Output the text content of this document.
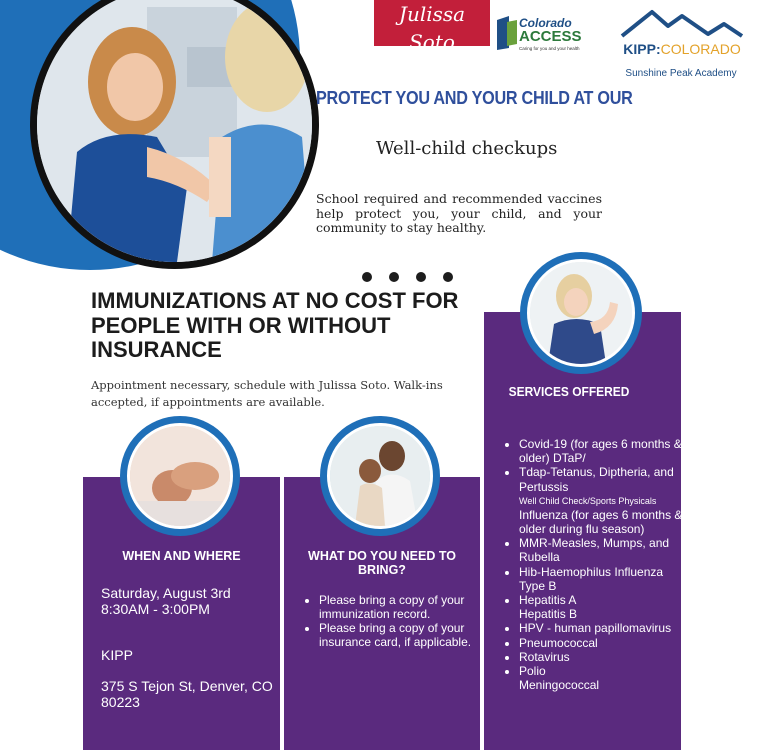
Julissa Soto
LATINO HEALTH EQUITY CONSULTING
Colorado
ACCESS
Caring for you and your health	KIPP:COLORADO
Sunshine Peak Academy
PROTECT YOU AND YOUR CHILD AT OUR
Well-child checkups
School required and recommended vaccines help protect you, your child, and your community to stay healthy.
IMMUNIZATIONS AT NO COST FOR PEOPLE WITH OR WITHOUT INSURANCE
Appointment necessary, schedule with Julissa Soto. Walk-ins accepted, if appointments are available.
WHEN AND WHERE
Saturday, August 3rd
8:30AM - 3:00PM
KIPP
375 S Tejon St, Denver, CO 80223
WHAT DO YOU NEED TO BRING?
• Please bring a copy of your immunization record.
• Please bring a copy of your insurance card, if applicable.
SERVICES OFFERED
• Covid-19 (for ages 6 months & older) DTaP/
• Tdap-Tetanus, Diptheria, and Pertussis
Well Child Check/Sports Physicals
Influenza (for ages 6 months & older during flu season)
• MMR-Measles, Mumps, and Rubella
• Hib-Haemophilus Influenza Type B
• Hepatitis A
Hepatitis B
• HPV - human papillomavirus
• Pneumococcal
• Rotavirus
• Polio
Meningococcal
